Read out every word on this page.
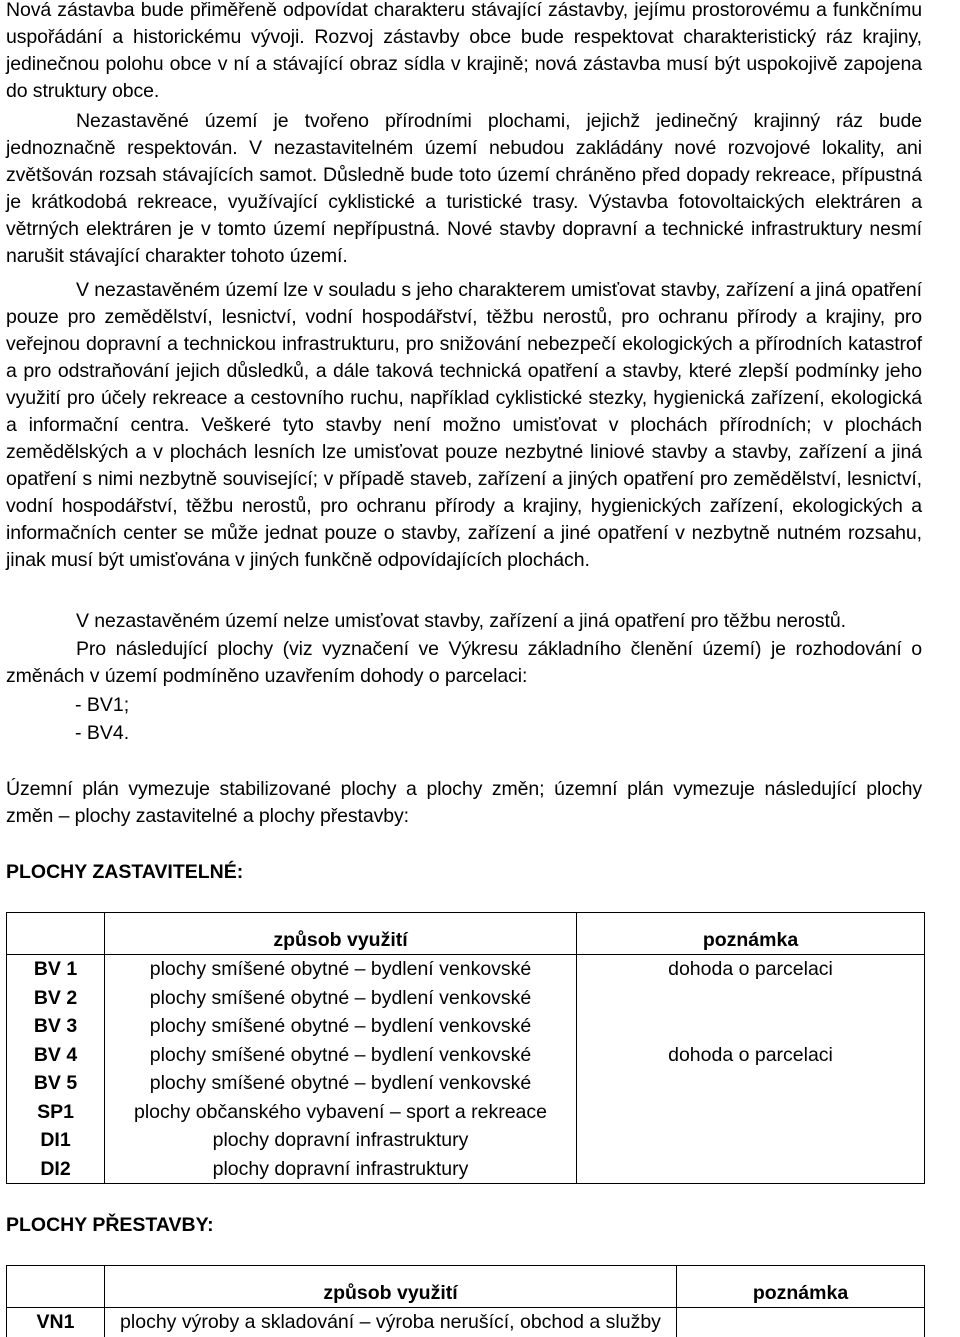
Nová zástavba bude přiměřeně odpovídat charakteru stávající zástavby, jejímu prostorovému a funkčnímu uspořádání a historickému vývoji. Rozvoj zástavby obce bude respektovat charakteristický ráz krajiny, jedinečnou polohu obce v ní a stávající obraz sídla v krajině; nová zástavba musí být uspokojivě zapojena do struktury obce.

Nezastavěné území je tvořeno přírodními plochami, jejichž jedinečný krajinný ráz bude jednoznačně respektován. V nezastavitelném území nebudou zakládány nové rozvojové lokality, ani zvětšován rozsah stávajících samot. Důsledně bude toto území chráněno před dopady rekreace, přípustná je krátkodobá rekreace, využívající cyklistické a turistické trasy. Výstavba fotovoltaických elektráren a větrných elektráren je v tomto území nepřípustná. Nové stavby dopravní a technické infrastruktury nesmí narušit stávající charakter tohoto území.

V nezastavěném území lze v souladu s jeho charakterem umisťovat stavby, zařízení a jiná opatření pouze pro zemědělství, lesnictví, vodní hospodářství, těžbu nerostů, pro ochranu přírody a krajiny, pro veřejnou dopravní a technickou infrastrukturu, pro snižování nebezpečí ekologických a přírodních katastrof a pro odstraňování jejich důsledků, a dále taková technická opatření a stavby, které zlepší podmínky jeho využití pro účely rekreace a cestovního ruchu, například cyklistické stezky, hygienická zařízení, ekologická a informační centra. Veškeré tyto stavby není možno umisťovat v plochách přírodních; v plochách zemědělských a v plochách lesních lze umisťovat pouze nezbytné liniové stavby a stavby, zařízení a jiná opatření s nimi nezbytně související; v případě staveb, zařízení a jiných opatření pro zemědělství, lesnictví, vodní hospodářství, těžbu nerostů, pro ochranu přírody a krajiny, hygienických zařízení, ekologických a informačních center se může jednat pouze o stavby, zařízení a jiné opatření v nezbytně nutném rozsahu, jinak musí být umisťována v jiných funkčně odpovídajících plochách.

V nezastavěném území nelze umisťovat stavby, zařízení a jiná opatření pro těžbu nerostů.

Pro následující plochy (viz vyznačení ve Výkresu základního členění území) je rozhodování o změnách v území podmíněno uzavřením dohody o parcelaci:

- BV1;

- BV4.

Územní plán vymezuje stabilizované plochy a plochy změn; územní plán vymezuje následující plochy změn – plochy zastavitelné a plochy přestavby:

PLOCHY ZASTAVITELNÉ:

	způsob využití	poznámka
BV 1	plochy smíšené obytné – bydlení venkovské	dohoda o parcelaci
BV 2	plochy smíšené obytné – bydlení venkovské	
BV 3	plochy smíšené obytné – bydlení venkovské	
BV 4	plochy smíšené obytné – bydlení venkovské	dohoda o parcelaci
BV 5	plochy smíšené obytné – bydlení venkovské	
SP1	plochy občanského vybavení – sport a rekreace	
DI1	plochy dopravní infrastruktury	
DI2	plochy dopravní infrastruktury	

PLOCHY PŘESTAVBY:

	způsob využití	poznámka
VN1	plochy výroby a skladování – výroba nerušící, obchod a služby	
